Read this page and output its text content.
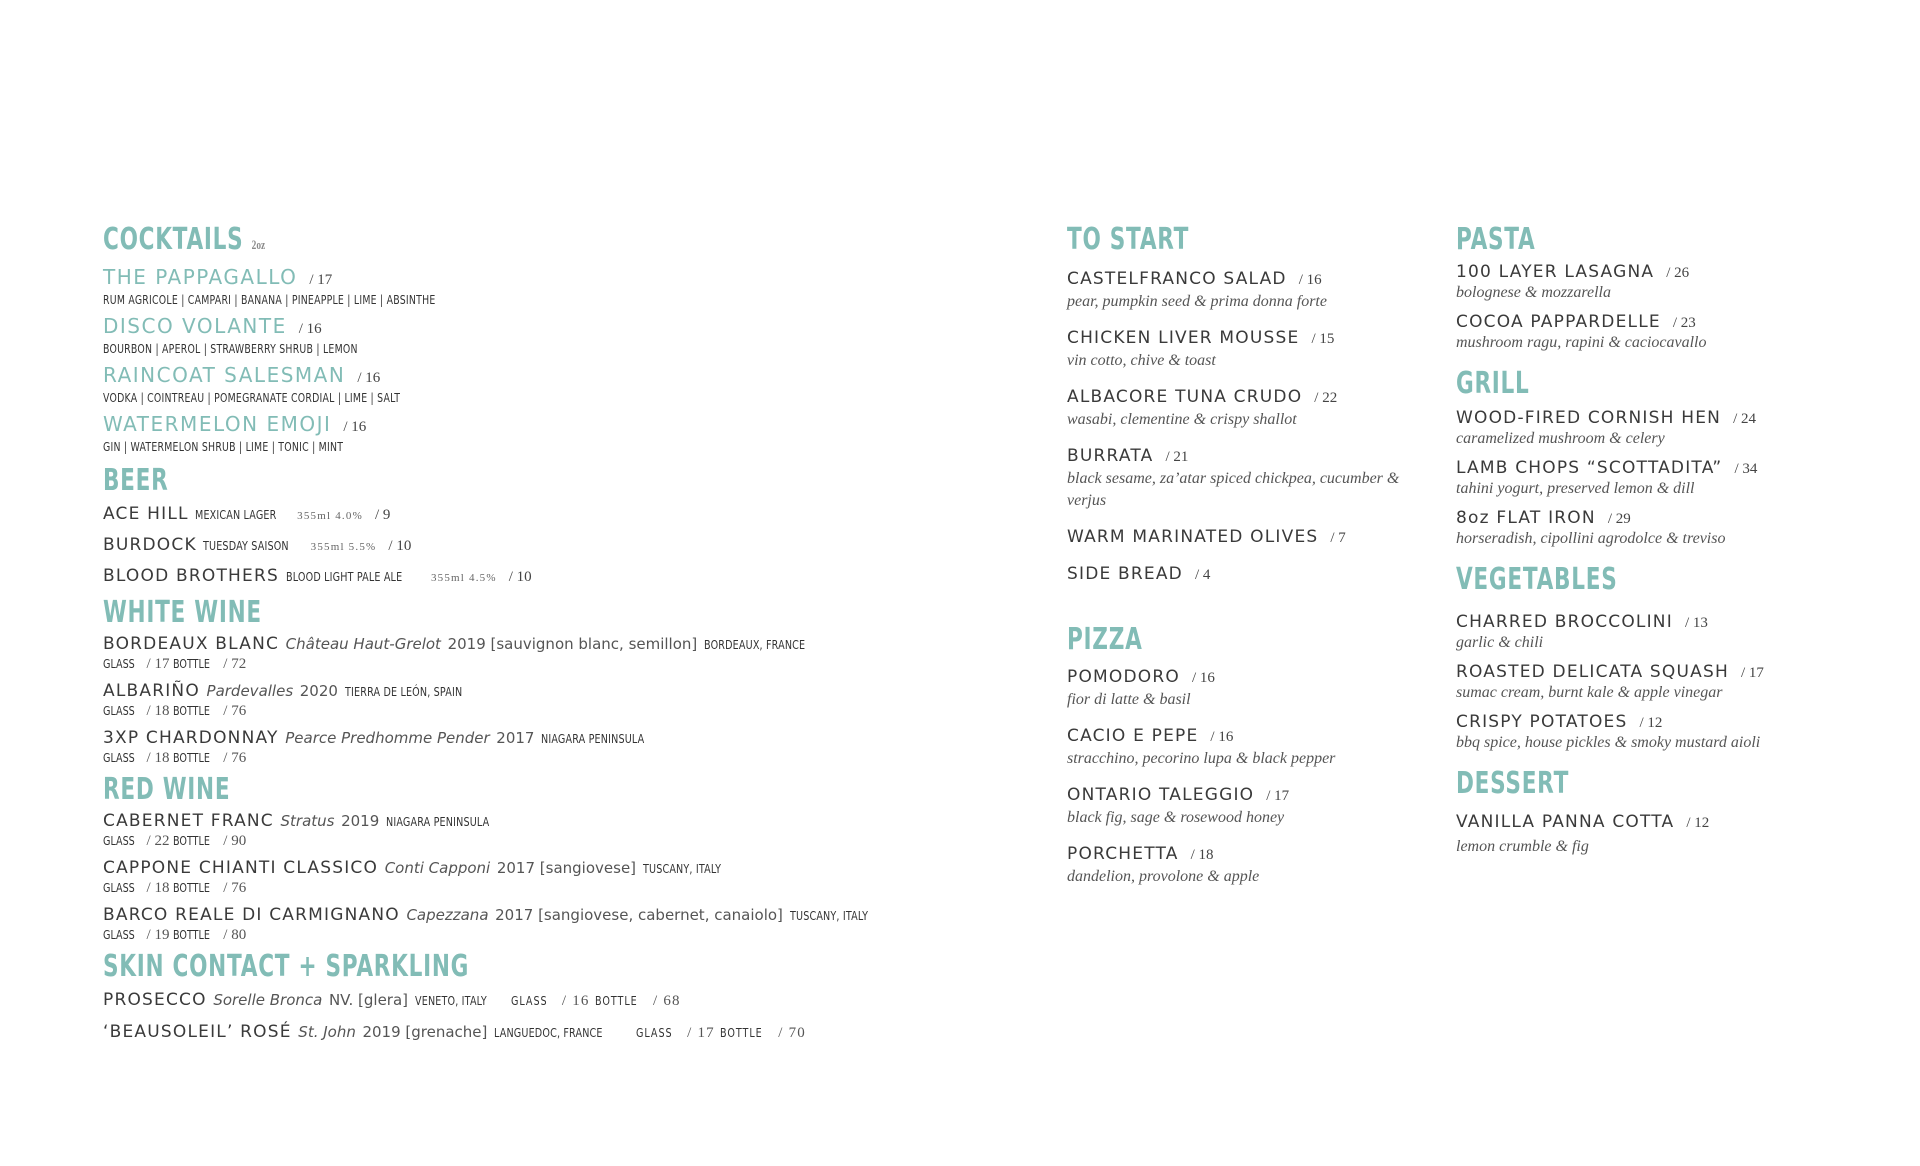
COCKTAILS 2oz
THE PAPPAGALLO / 17
RUM AGRICOLE | CAMPARI | BANANA | PINEAPPLE | LIME | ABSINTHE
DISCO VOLANTE / 16
BOURBON | APEROL | STRAWBERRY SHRUB | LEMON
RAINCOAT SALESMAN / 16
VODKA | COINTREAU | POMEGRANATE CORDIAL | LIME | SALT
WATERMELON EMOJI / 16
GIN | WATERMELON SHRUB | LIME | TONIC | MINT
BEER
ACE HILL MEXICAN LAGER 355ml 4.0% / 9
BURDOCK TUESDAY SAISON 355ml 5.5% / 10
BLOOD BROTHERS BLOOD LIGHT PALE ALE	355ml 4.5% / 10
WHITE WINE
BORDEAUX BLANC Château Haut-Grelot 2019 [sauvignon blanc, semillon] BORDEAUX, FRANCE
GLASS / 17 BOTTLE / 72
ALBARIÑO Pardevalles 2020 TIERRA DE LEÓN, SPAIN
GLASS / 18 BOTTLE / 76
3XP CHARDONNAY Pearce Predhomme Pender 2017 NIAGARA PENINSULA
GLASS / 18 BOTTLE / 76
RED WINE
CABERNET FRANC Stratus 2019 NIAGARA PENINSULA
GLASS / 22 BOTTLE / 90
CAPPONE CHIANTI CLASSICO Conti Capponi 2017 [sangiovese] TUSCANY, ITALY
GLASS / 18 BOTTLE / 76
BARCO REALE DI CARMIGNANO Capezzana 2017 [sangiovese, cabernet, canaiolo] TUSCANY, ITALY
GLASS / 19 BOTTLE / 80
SKIN CONTACT + SPARKLING
PROSECCO Sorelle Bronca NV. [glera] VENETO, ITALY GLASS / 16 BOTTLE / 68
‘BEAUSOLEIL’ ROSÉ St. John 2019 [grenache] LANGUEDOC, FRANCE	GLASS / 17 BOTTLE / 70
TO START
CASTELFRANCO SALAD / 16
pear, pumpkin seed & prima donna forte
CHICKEN LIVER MOUSSE / 15
vin cotto, chive & toast
ALBACORE TUNA CRUDO / 22
wasabi, clementine & crispy shallot
BURRATA / 21
black sesame, za’atar spiced chickpea, cucumber & verjus
WARM MARINATED OLIVES / 7
SIDE BREAD / 4
PIZZA
POMODORO / 16
fior di latte & basil
CACIO E PEPE / 16
stracchino, pecorino lupa & black pepper
ONTARIO TALEGGIO / 17
black fig, sage & rosewood honey
PORCHETTA / 18
dandelion, provolone & apple
PASTA
100 LAYER LASAGNA / 26
bolognese & mozzarella
COCOA PAPPARDELLE / 23
mushroom ragu, rapini & caciocavallo
GRILL
WOOD-FIRED CORNISH HEN / 24
caramelized mushroom & celery
LAMB CHOPS “SCOTTADITA” / 34
tahini yogurt, preserved lemon & dill
8oz FLAT IRON / 29
horseradish, cipollini agrodolce & treviso
VEGETABLES
CHARRED BROCCOLINI / 13
garlic & chili
ROASTED DELICATA SQUASH / 17
sumac cream, burnt kale & apple vinegar
CRISPY POTATOES / 12
bbq spice, house pickles & smoky mustard aioli
DESSERT
VANILLA PANNA COTTA / 12
lemon crumble & fig
